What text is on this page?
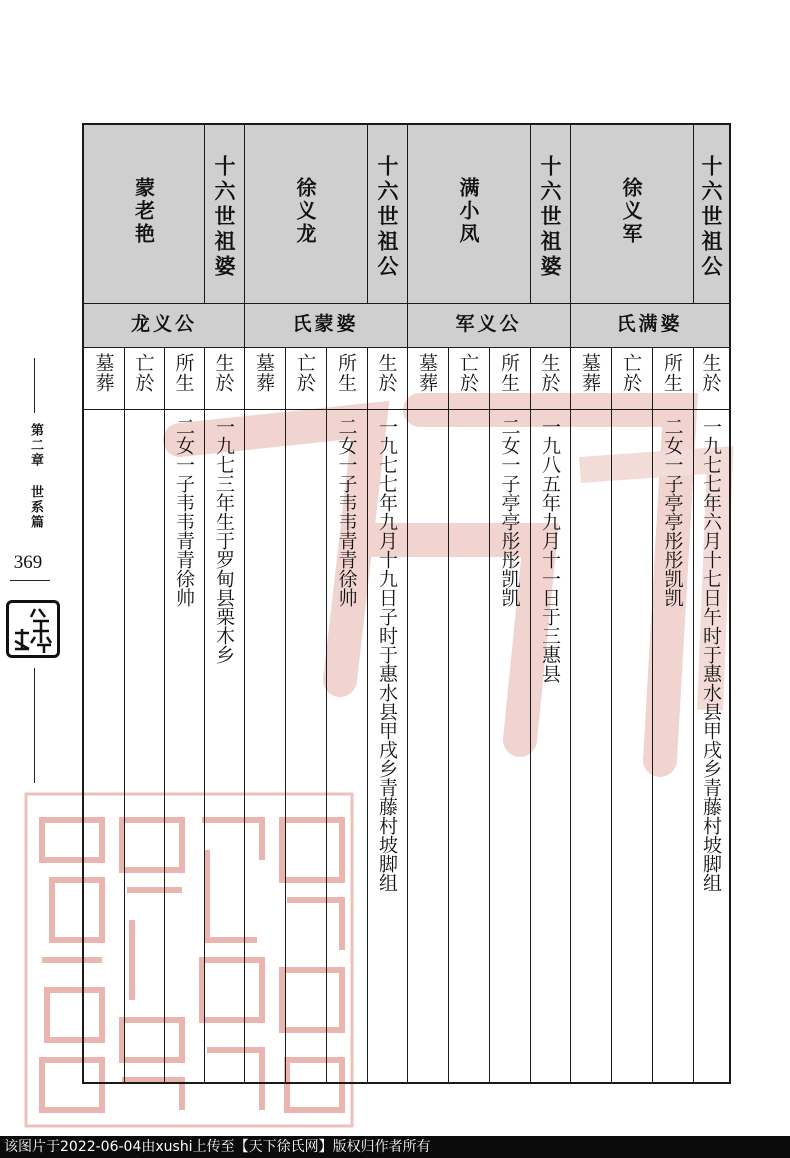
第二章 世系篇
369
十六世祖公
徐义军
氏满婆
生於
所生
亡於
墓葬
一九七七年六月十七日午时于惠水县甲戌乡青藤村坡脚组
二女一子亭亭彤彤凯凯
十六世祖婆
满小凤
军义公
生於
所生
亡於
墓葬
一九八五年九月十一日于三惠县
二女一子亭亭彤彤凯凯
十六世祖公
徐义龙
氏蒙婆
生於
所生
亡於
墓葬
一九七七年九月十九日子时于惠水县甲戌乡青藤村坡脚组
二女一子韦韦青青徐帅
十六世祖婆
蒙老艳
龙义公
生於
所生
亡於
墓葬
一九七三年生于罗甸县栗木乡
二女一子韦韦青青徐帅
该图片于2022-06-04由xushi上传至【天下徐氏网】版权归作者所有
